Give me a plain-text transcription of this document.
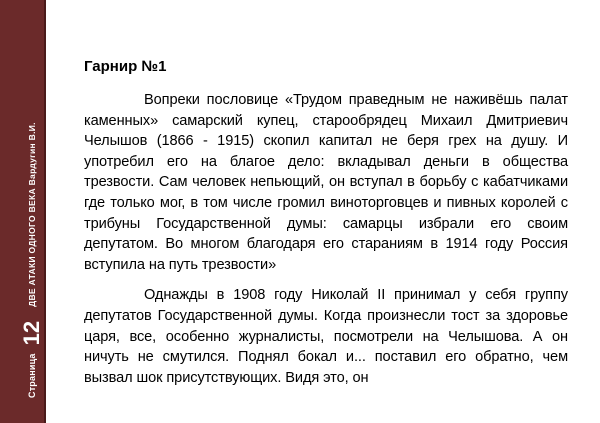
Страница
12
ДВЕ АТАКИ ОДНОГО ВЕКА Вардугин В.И.
Гарнир №1

Вопреки пословице «Трудом праведным не наживёшь палат каменных» самарский купец, старообрядец Михаил Дмитриевич Челышов (1866 - 1915) скопил капитал не беря грех на душу. И употребил его на благое дело: вкладывал деньги в общества трезвости. Сам человек непьющий, он вступал в борьбу с кабатчиками где только мог, в том числе громил виноторговцев и пивных королей с трибуны Государственной думы: самарцы избрали его своим депутатом. Во многом благодаря его стараниям в 1914 году Россия вступила на путь трезвости»

Однажды в 1908 году Николай II принимал у себя группу депутатов Государственной думы. Когда произнесли тост за здоровье царя, все, особенно журналисты, посмотрели на Челышова. А он ничуть не смутился. Поднял бокал и... поставил его обратно, чем вызвал шок присутствующих. Видя это, он
